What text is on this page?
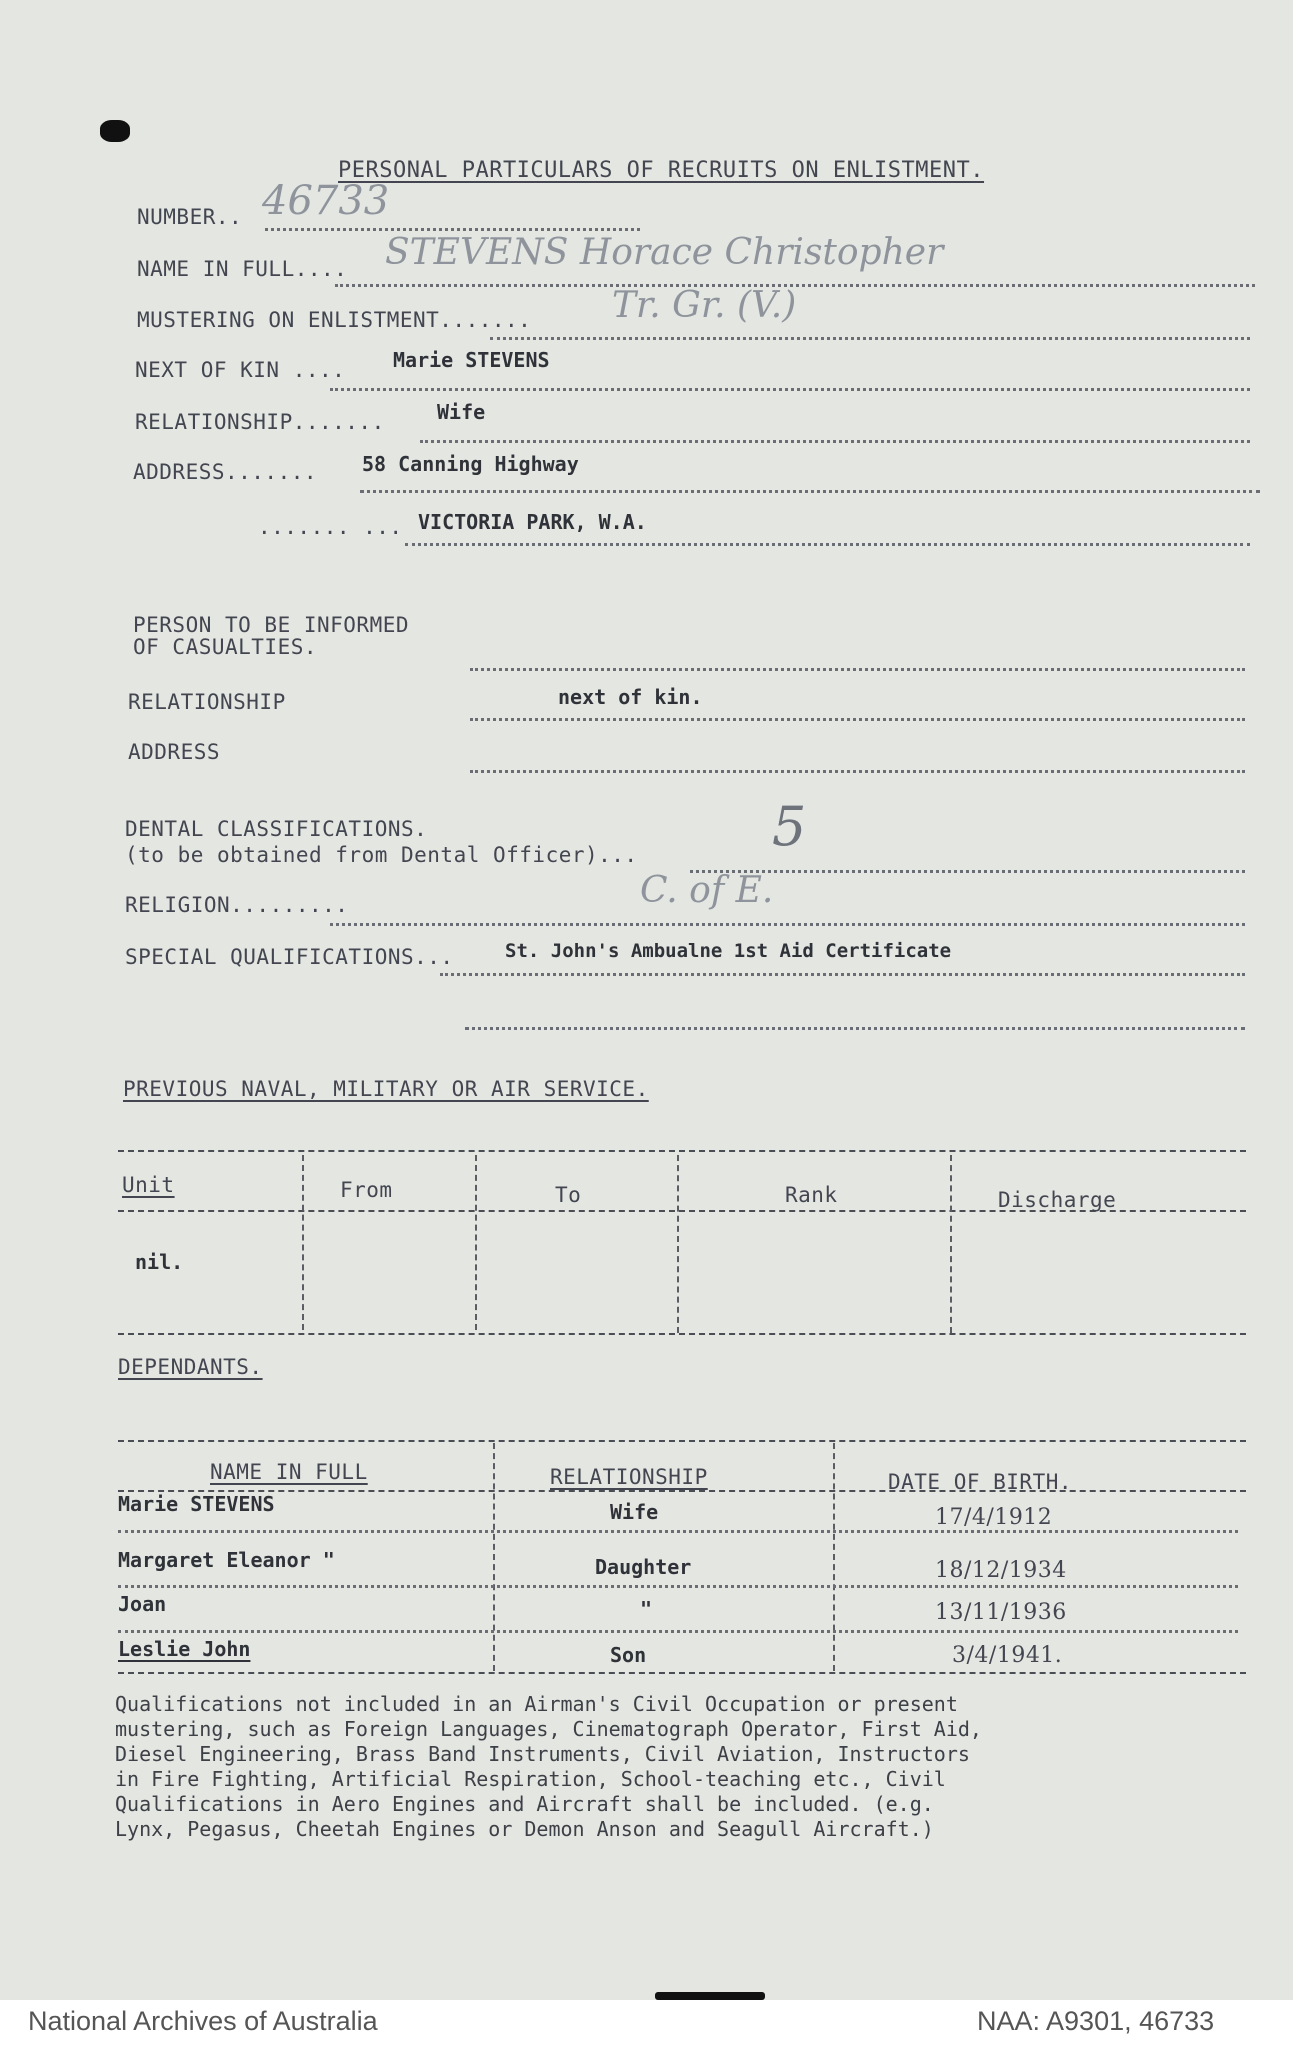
PERSONAL PARTICULARS OF RECRUITS ON ENLISTMENT.
NUMBER.. 46733
NAME IN FULL.... STEVENS Horace Christopher
MUSTERING ON ENLISTMENT....... Tr. Gr. (V.)
NEXT OF KIN .... Marie STEVENS
RELATIONSHIP.......	Wife
ADDRESS....... 58 Canning Highway
....... ... VICTORIA PARK, W.A.
PERSON TO BE INFORMED
OF CASUALTIES.
RELATIONSHIP	next of kin.
ADDRESS
DENTAL CLASSIFICATIONS.
(to be obtained from Dental Officer)... 5
RELIGION.........	C. of E.
SPECIAL QUALIFICATIONS...	St. John's Ambualne 1st Aid Certificate
PREVIOUS NAVAL, MILITARY OR AIR SERVICE.
Unit	From	To	Rank	Discharge
nil.
DEPENDANTS.
NAME IN FULL	RELATIONSHIP	DATE OF BIRTH.
Marie STEVENS	Wife	17/4/1912
Margaret Eleanor "	Daughter	18/12/1934
Joan	"	13/11/1936
Leslie John	Son	3/4/1941.
Qualifications not included in an Airman's Civil Occupation or present
mustering, such as Foreign Languages, Cinematograph Operator, First Aid,
Diesel Engineering, Brass Band Instruments, Civil Aviation, Instructors
in Fire Fighting, Artificial Respiration, School-teaching etc., Civil
Qualifications in Aero Engines and Aircraft shall be included. (e.g.
Lynx, Pegasus, Cheetah Engines or Demon Anson and Seagull Aircraft.)
National Archives of Australia	NAA: A9301, 46733
